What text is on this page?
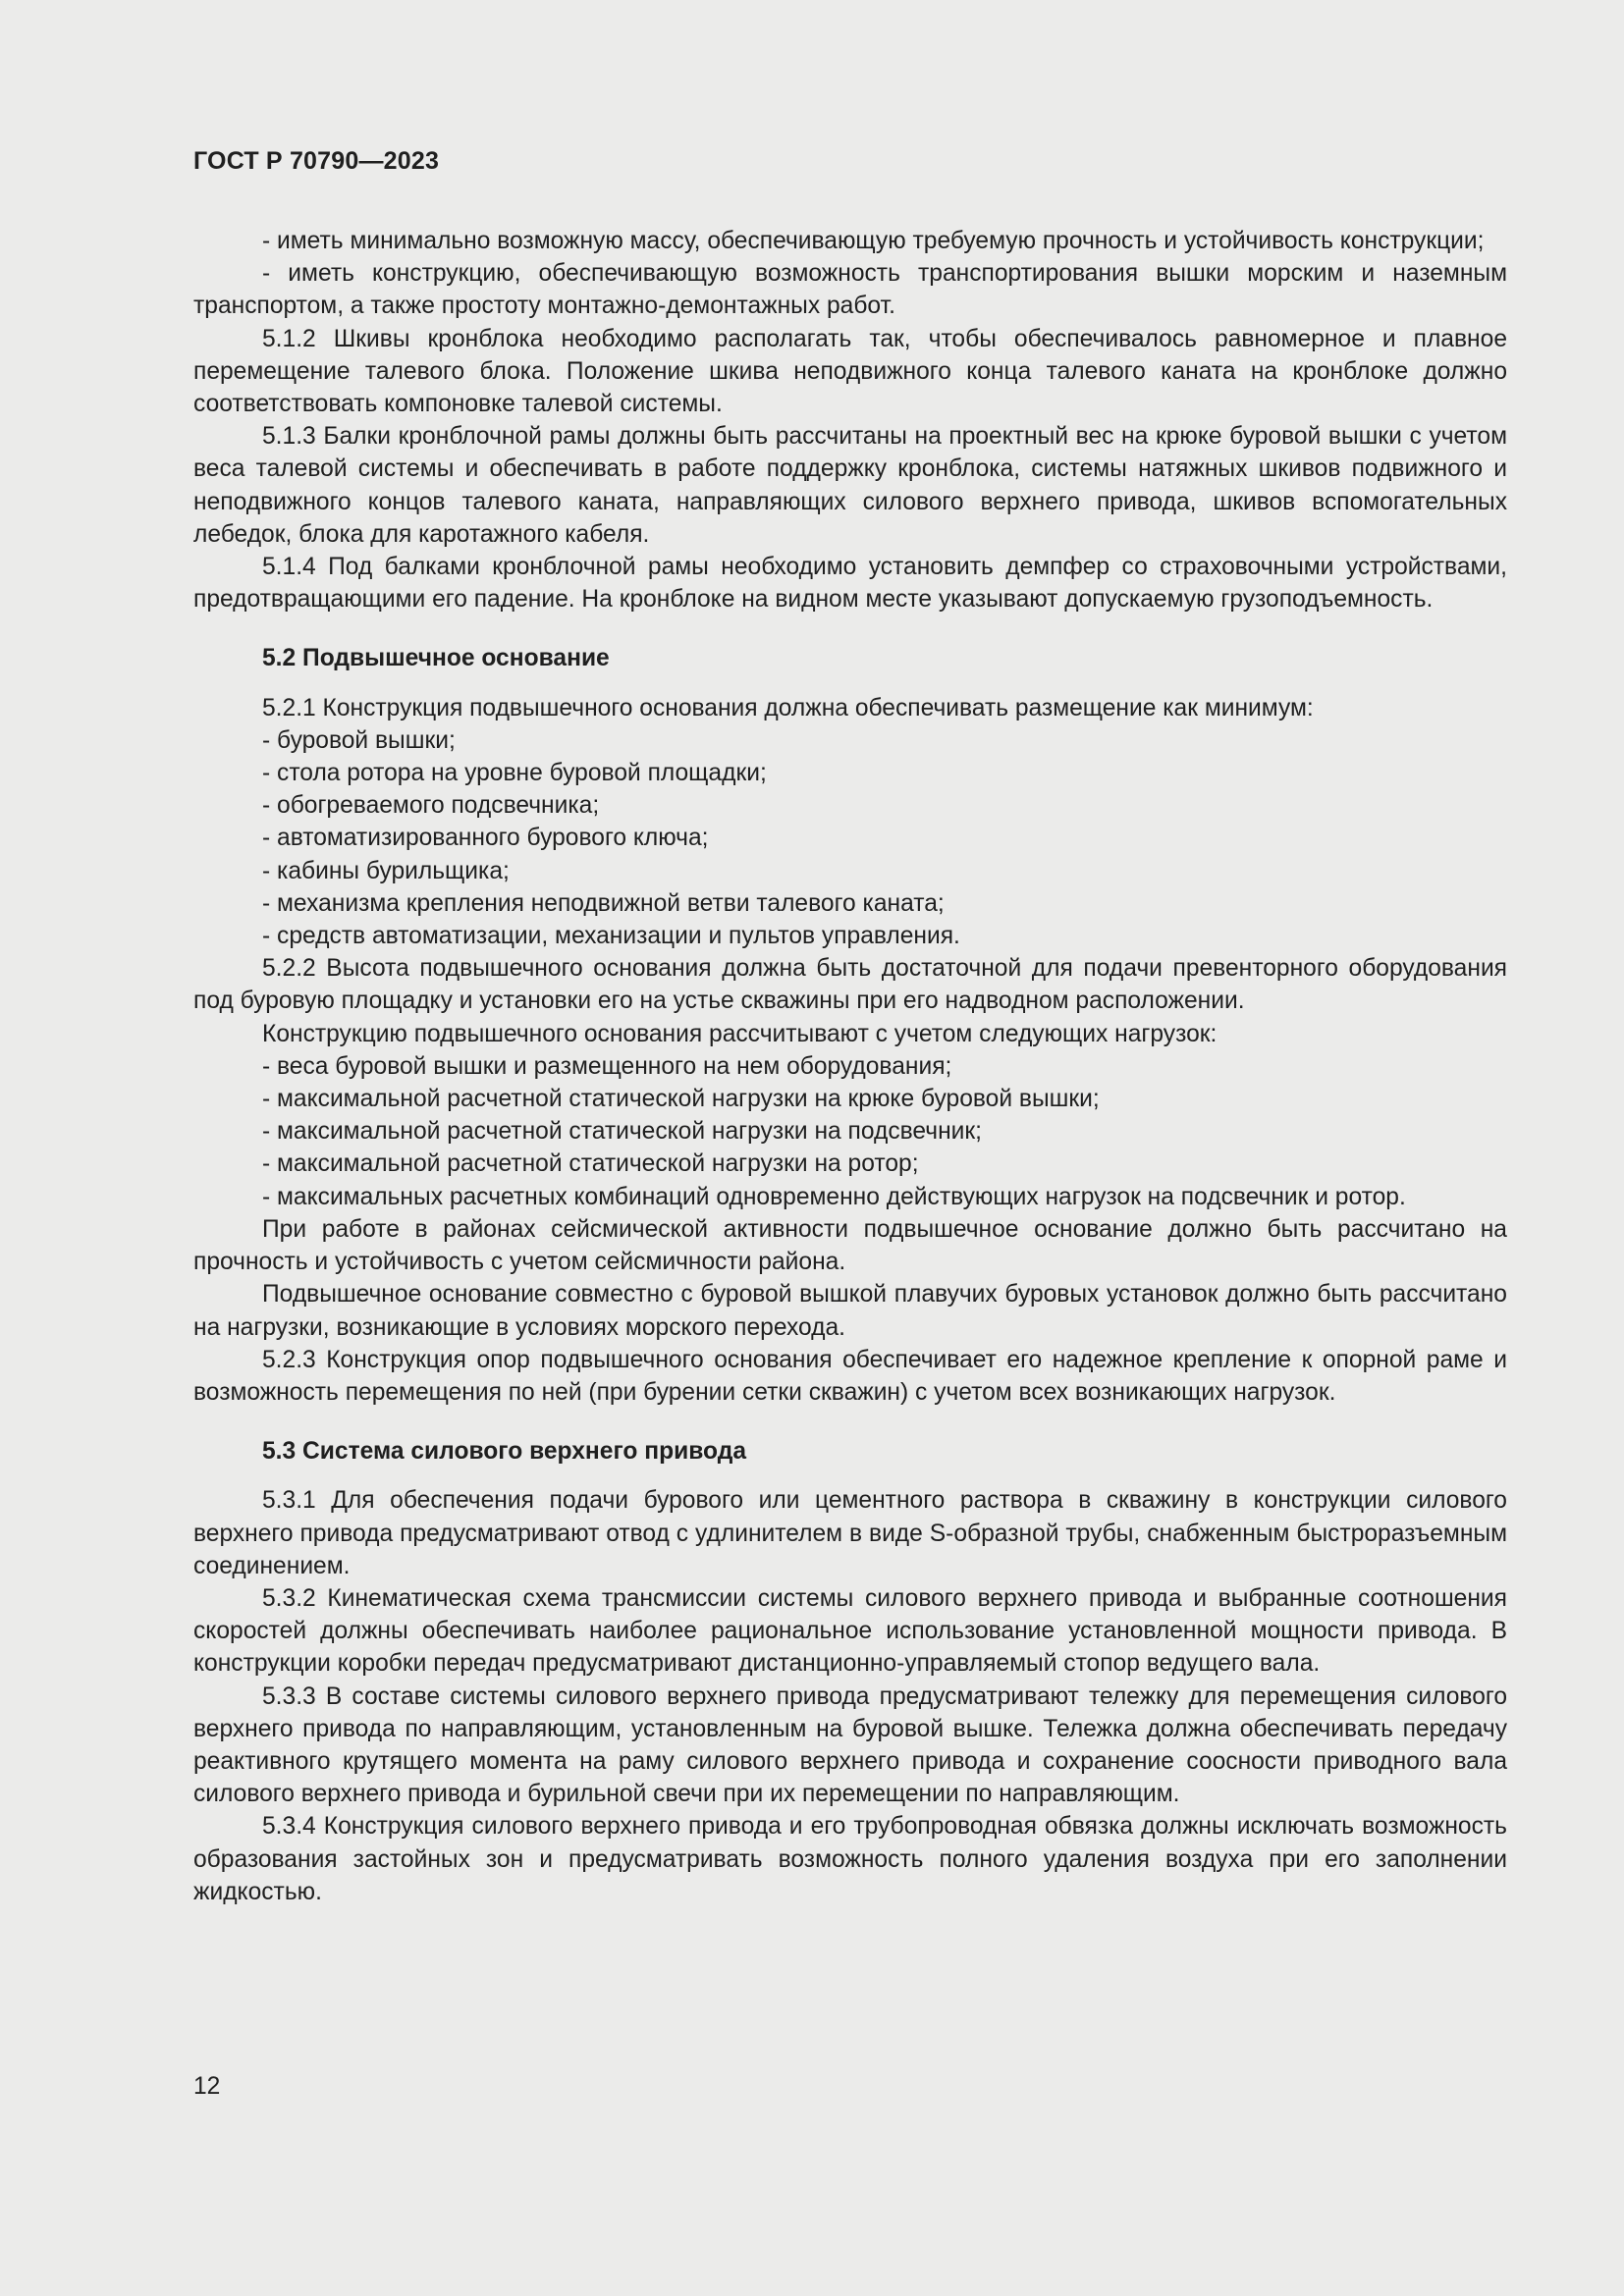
ГОСТ Р 70790—2023

- иметь минимально возможную массу, обеспечивающую требуемую прочность и устойчивость конструкции;

- иметь конструкцию, обеспечивающую возможность транспортирования вышки морским и наземным транспортом, а также простоту монтажно-демонтажных работ.

5.1.2 Шкивы кронблока необходимо располагать так, чтобы обеспечивалось равномерное и плавное перемещение талевого блока. Положение шкива неподвижного конца талевого каната на кронблоке должно соответствовать компоновке талевой системы.

5.1.3 Балки кронблочной рамы должны быть рассчитаны на проектный вес на крюке буровой вышки с учетом веса талевой системы и обеспечивать в работе поддержку кронблока, системы натяжных шкивов подвижного и неподвижного концов талевого каната, направляющих силового верхнего привода, шкивов вспомогательных лебедок, блока для каротажного кабеля.

5.1.4 Под балками кронблочной рамы необходимо установить демпфер со страховочными устройствами, предотвращающими его падение. На кронблоке на видном месте указывают допускаемую грузоподъемность.

5.2 Подвышечное основание

5.2.1 Конструкция подвышечного основания должна обеспечивать размещение как минимум:

- буровой вышки;

- стола ротора на уровне буровой площадки;

- обогреваемого подсвечника;

- автоматизированного бурового ключа;

- кабины бурильщика;

- механизма крепления неподвижной ветви талевого каната;

- средств автоматизации, механизации и пультов управления.

5.2.2 Высота подвышечного основания должна быть достаточной для подачи превенторного оборудования под буровую площадку и установки его на устье скважины при его надводном расположении.

Конструкцию подвышечного основания рассчитывают с учетом следующих нагрузок:

- веса буровой вышки и размещенного на нем оборудования;

- максимальной расчетной статической нагрузки на крюке буровой вышки;

- максимальной расчетной статической нагрузки на подсвечник;

- максимальной расчетной статической нагрузки на ротор;

- максимальных расчетных комбинаций одновременно действующих нагрузок на подсвечник и ротор.

При работе в районах сейсмической активности подвышечное основание должно быть рассчитано на прочность и устойчивость с учетом сейсмичности района.

Подвышечное основание совместно с буровой вышкой плавучих буровых установок должно быть рассчитано на нагрузки, возникающие в условиях морского перехода.

5.2.3 Конструкция опор подвышечного основания обеспечивает его надежное крепление к опорной раме и возможность перемещения по ней (при бурении сетки скважин) с учетом всех возникающих нагрузок.

5.3 Система силового верхнего привода

5.3.1 Для обеспечения подачи бурового или цементного раствора в скважину в конструкции силового верхнего привода предусматривают отвод с удлинителем в виде S-образной трубы, снабженным быстроразъемным соединением.

5.3.2 Кинематическая схема трансмиссии системы силового верхнего привода и выбранные соотношения скоростей должны обеспечивать наиболее рациональное использование установленной мощности привода. В конструкции коробки передач предусматривают дистанционно-управляемый стопор ведущего вала.

5.3.3 В составе системы силового верхнего привода предусматривают тележку для перемещения силового верхнего привода по направляющим, установленным на буровой вышке. Тележка должна обеспечивать передачу реактивного крутящего момента на раму силового верхнего привода и сохранение соосности приводного вала силового верхнего привода и бурильной свечи при их перемещении по направляющим.

5.3.4 Конструкция силового верхнего привода и его трубопроводная обвязка должны исключать возможность образования застойных зон и предусматривать возможность полного удаления воздуха при его заполнении жидкостью.

12
